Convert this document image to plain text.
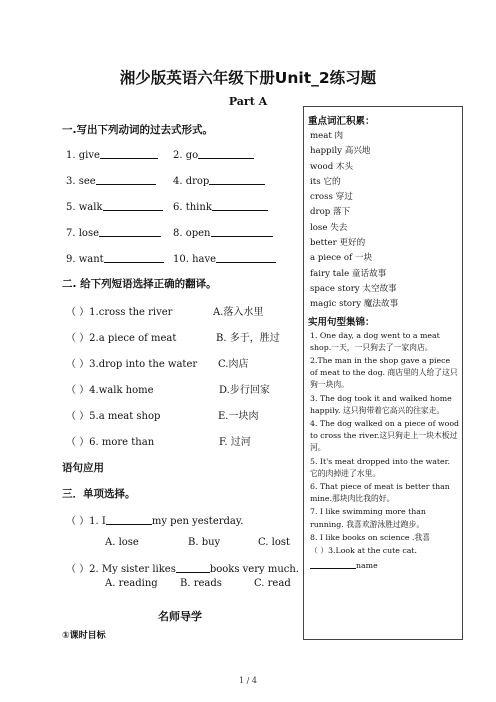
湘少版英语六年级下册Unit_2练习题
Part A
一.写出下列动词的过去式形式。
1. give	2. go
3. see	4. drop
5. walk	6. think
7. lose	8. open
9. want	10. have
二. 给下列短语选择正确的翻译。
（ ）1.cross the river	A.落入水里
（ ）2.a piece of meat	B. 多于，胜过
（ ）3.drop into the water C.肉店
（ ）4.walk home	D.步行回家
（ ）5.a meat shop	E.一块肉
（ ）6. more than	F. 过河
语句应用
三．单项选择。
（ ）1. I	my pen yesterday.
A. lose	B. buy	C. lost
（ ）2. My sister likes	books very much.
A. reading B. reads	C. read
名师导学
①课时目标
重点词汇积累：
meat 肉
happily 高兴地
wood 木头
its 它的
cross 穿过
drop 落下
lose 失去
better 更好的
a piece of 一块
fairy tale 童话故事
space story 太空故事
magic story 魔法故事
实用句型集锦：
1. One day, a dog went to a meat shop.一天，一只狗去了一家肉店。
2.The man in the shop gave a piece of meat to the dog. 商店里的人给了这只狗一块肉。
3. The dog took it and walked home happily. 这只狗带着它高兴的往家走。
4. The dog walked on a piece of wood to cross the river.这只狗走上一块木板过河。
5. It's meat dropped into the water. 它的肉掉进了水里。
6. That piece of meat is better than mine.那块肉比我的好。
7. I like swimming more than running. 我喜欢游泳胜过跑步。
8. I like books on science .我喜
（ ）3.Look at the cute cat.
name
1 / 4
